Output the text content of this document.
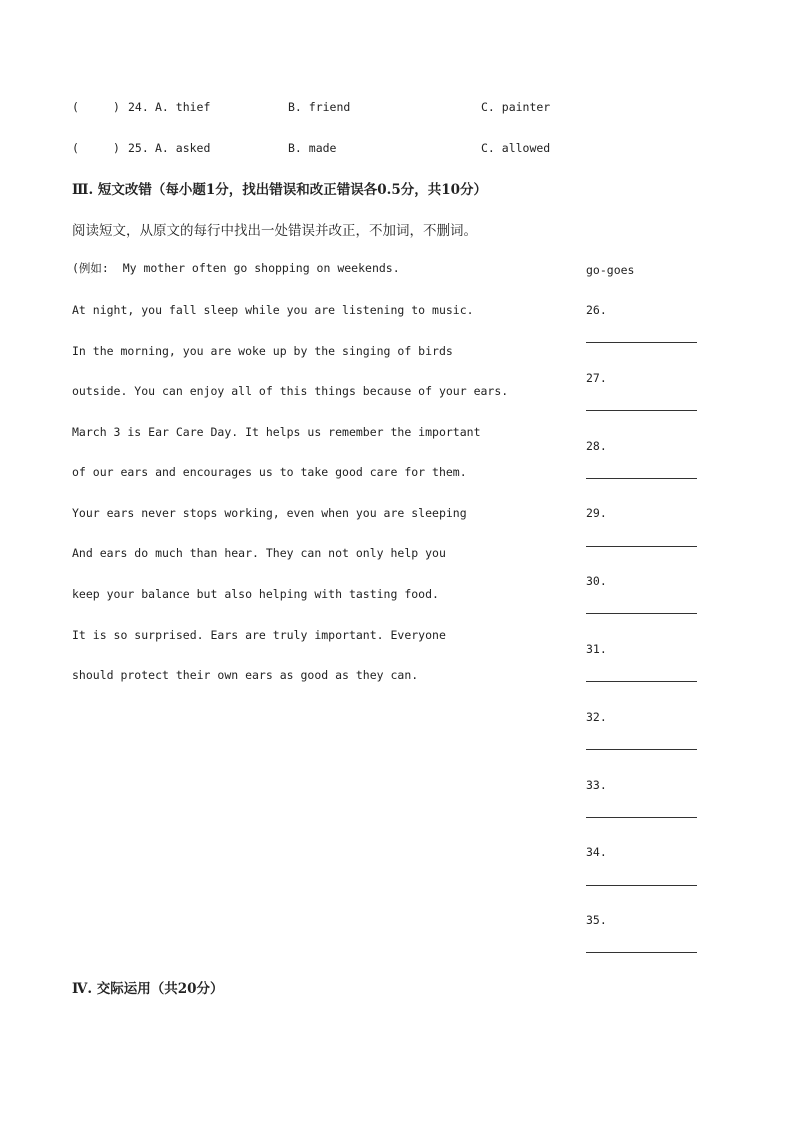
(	) 24. A. thief	B. friend	C. painter
(	) 25. A. asked	B. made	C. allowed
Ⅲ. 短文改错（每小题1分，找出错误和改正错误各0.5分，共10分）
阅读短文，从原文的每行中找出一处错误并改正，不加词，不删词。
(例如:  My mother often go shopping on weekends.	go-goes
At night, you fall sleep while you are listening to music.
In the morning, you are woke up by the singing of birds
outside. You can enjoy all of this things because of your ears.
March 3 is Ear Care Day. It helps us remember the important
of our ears and encourages us to take good care for them.
Your ears never stops working, even when you are sleeping
And ears do much than hear. They can not only help you
keep your balance but also helping with tasting food.
It is so surprised. Ears are truly important. Everyone
should protect their own ears as good as they can.
26.
27.
28.
29.
30.
31.
32.
33.
34.
35.
Ⅳ. 交际运用（共20分）
